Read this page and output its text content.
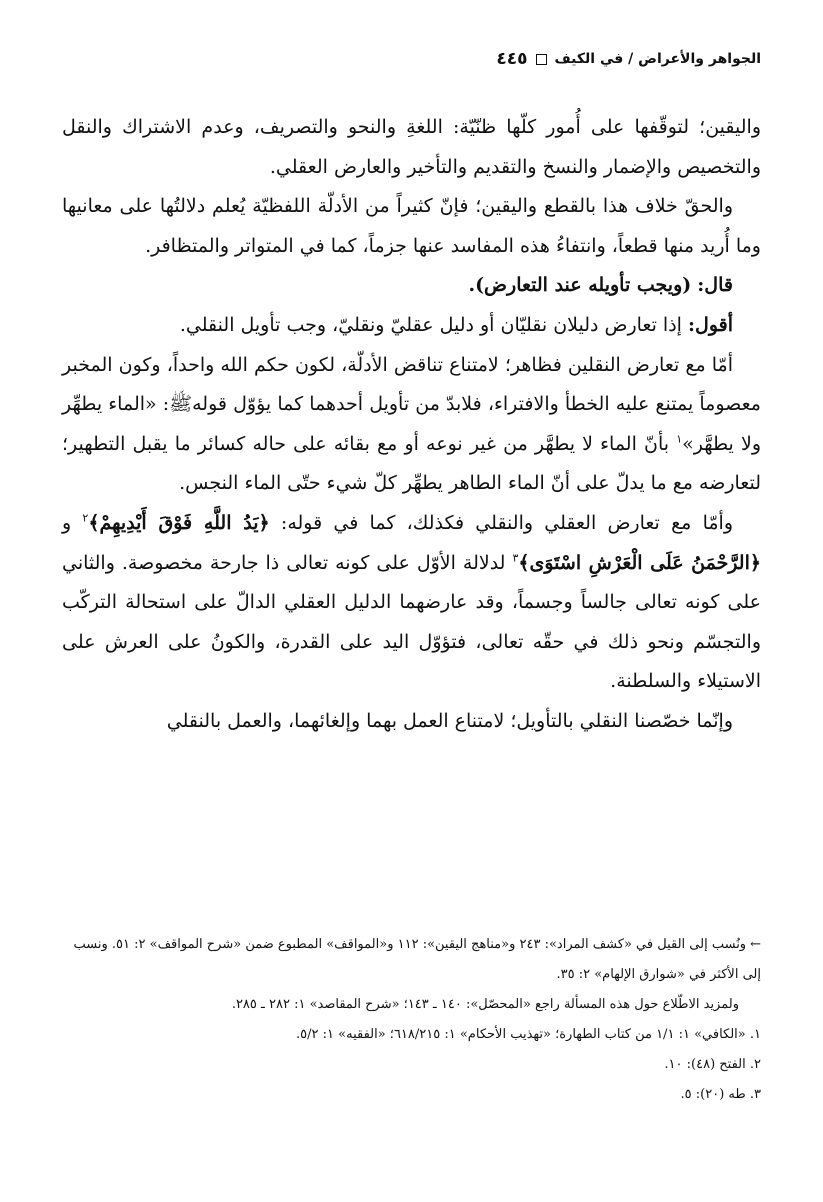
الجواهر والأعراض / في الكيف
٤٤٥

واليقين؛ لتوقّفها على أُمور كلّها ظنّيّة: اللغةِ والنحو والتصريف، وعدم الاشتراك والنقل والتخصيص والإضمار والنسخ والتقديم والتأخير والعارض العقلي.

والحقّ خلاف هذا بالقطع واليقين؛ فإنّ كثيراً من الأدلّة اللفظيّة يُعلم دلالتُها على معانيها وما أُريد منها قطعاً، وانتفاءُ هذه المفاسد عنها جزماً، كما في المتواتر والمتظافر.

قال: (ويجب تأويله عند التعارض).

أقول: إذا تعارض دليلان نقليّان أو دليل عقليّ ونقليّ، وجب تأويل النقلي.

أمّا مع تعارض النقلين فظاهر؛ لامتناع تناقض الأدلّة، لكون حكم الله واحداً، وكون المخبر معصوماً يمتنع عليه الخطأ والافتراء، فلابدّ من تأويل أحدهما كما يؤوّل قولهﷺ: «الماء يطهِّر ولا يطهَّر»$^١$ بأنّ الماء لا يطهَّر من غير نوعه أو مع بقائه على حاله كسائر ما يقبل التطهير؛ لتعارضه مع ما يدلّ على أنّ الماء الطاهر يطهِّر كلّ شيء حتّى الماء النجس.

وأمّا مع تعارض العقلي والنقلي فكذلك، كما في قوله: ﴿يَدُ اللَّهِ فَوْقَ أَيْدِيهِمْ﴾$^٢$ و ﴿الرَّحْمَنُ عَلَى الْعَرْشِ اسْتَوَى﴾$^٣$ لدلالة الأوّل على كونه تعالى ذا جارحة مخصوصة. والثاني على كونه تعالى جالساً وجسماً، وقد عارضهما الدليل العقلي الدالّ على استحالة التركّب والتجسّم ونحو ذلك في حقّه تعالى، فتؤوّل اليد على القدرة، والكونُ على العرش على الاستيلاء والسلطنة.

وإنّما خصّصنا النقلي بالتأويل؛ لامتناع العمل بهما وإلغائهما، والعمل بالنقلي

←ونُسب إلى القيل في «كشف المراد»: ٢٤٣ و«مناهج اليقين»: ١١٢ و«المواقف» المطبوع ضمن «شرح المواقف» ٢: ٥١. ونسب إلى الأكثر في «شوارق الإلهام» ٢: ٣٥.

ولمزيد الاطّلاع حول هذه المسألة راجع «المحصّل»: ١٤٠ ـ ١٤٣؛ «شرح المقاصد» ١: ٢٨٢ ـ ٢٨٥.

١. «الكافي» ١: ١/١ من كتاب الطهارة؛ «تهذيب الأحكام» ١: ٦١٨/٢١٥؛ «الفقيه» ١: ٥/٢.

٢. الفتح (٤٨): ١٠.

٣. طه (٢٠): ٥.
